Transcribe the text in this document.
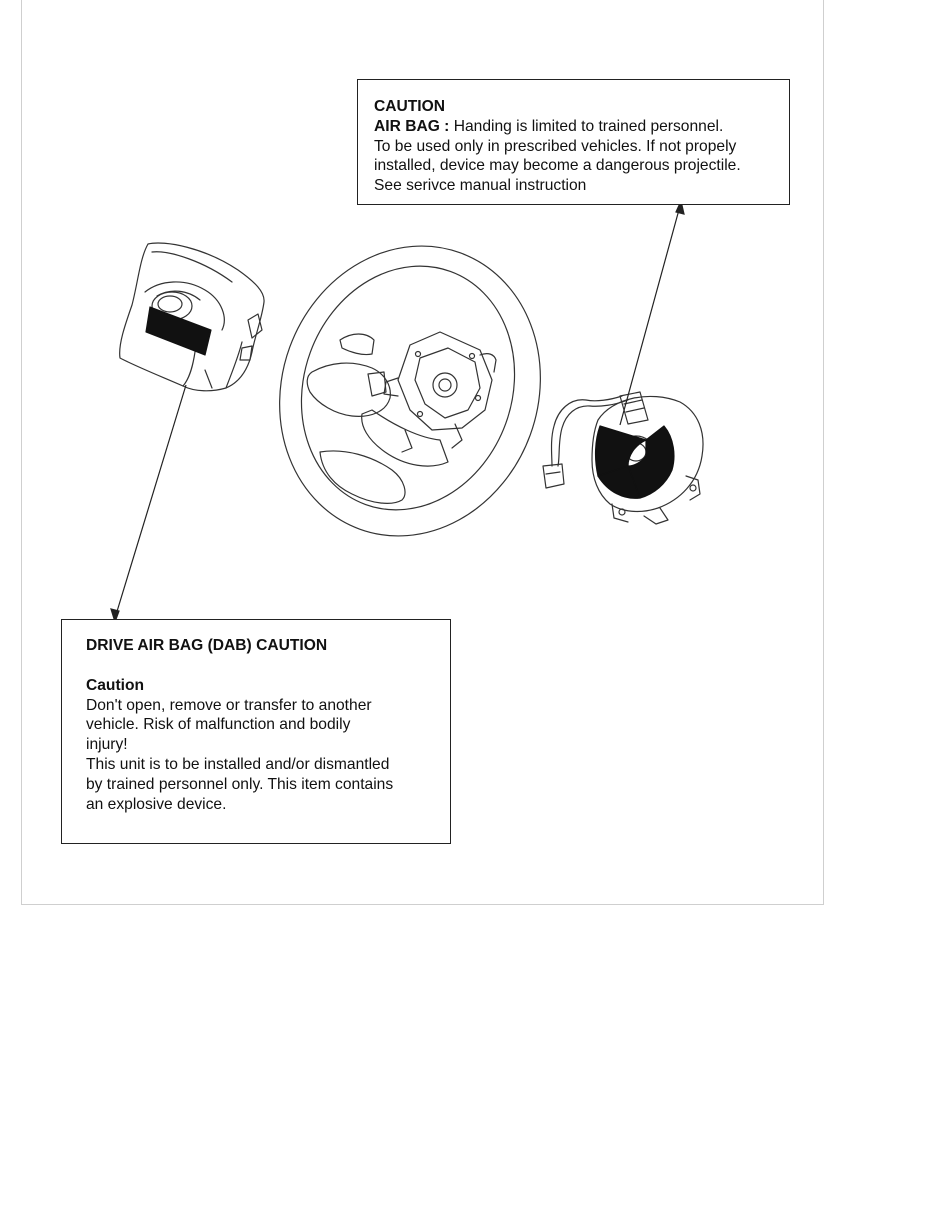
CAUTION
AIR BAG : Handing is limited to trained personnel.
To be used only in prescribed vehicles. If not propely
installed, device may become a dangerous projectile.
See serivce manual instruction
DRIVE AIR BAG (DAB) CAUTION
Caution
Don't open, remove or transfer to another
vehicle. Risk of malfunction and bodily
injury!
This unit is to be installed and/or dismantled
by trained personnel only. This item contains
an explosive device.
